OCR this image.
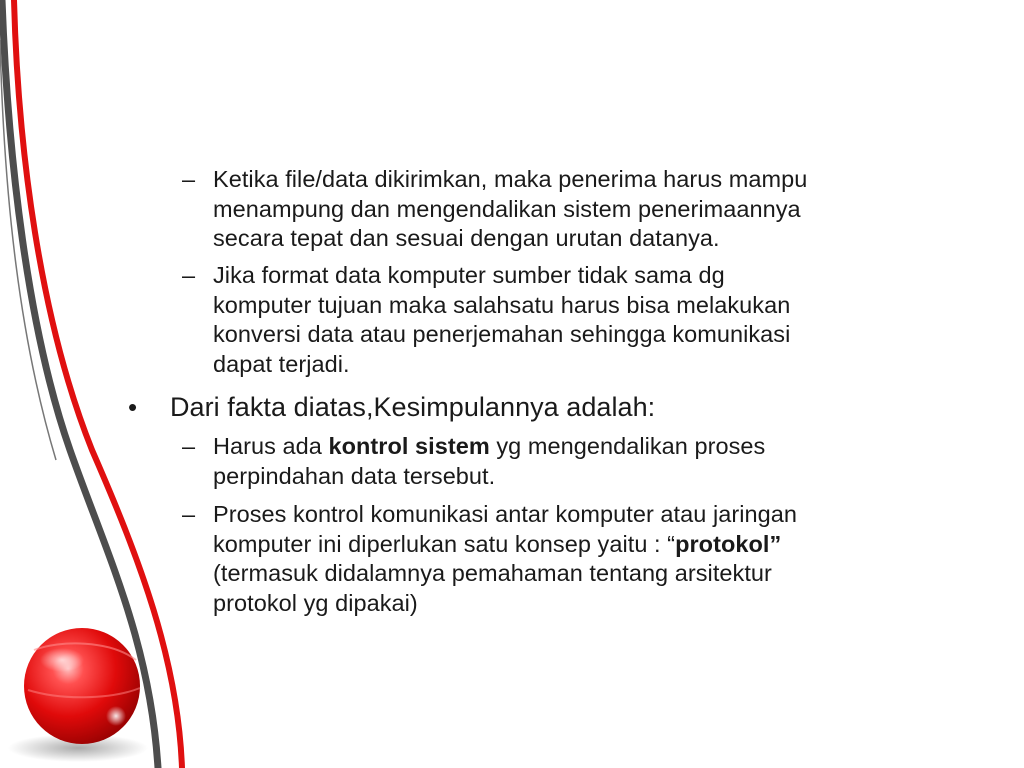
– Ketika file/data dikirimkan, maka penerima harus mampu
menampung dan mengendalikan sistem penerimaannya
secara tepat dan sesuai dengan urutan datanya.
– Jika format data komputer sumber tidak sama dg
komputer tujuan maka salahsatu harus bisa melakukan
konversi data atau penerjemahan sehingga komunikasi
dapat terjadi.
• Dari fakta diatas,Kesimpulannya adalah:
– Harus ada kontrol sistem yg mengendalikan proses
perpindahan data tersebut.
– Proses kontrol komunikasi antar komputer atau jaringan
komputer ini diperlukan satu konsep yaitu : “protokol”
(termasuk didalamnya pemahaman tentang arsitektur
protokol yg dipakai)
